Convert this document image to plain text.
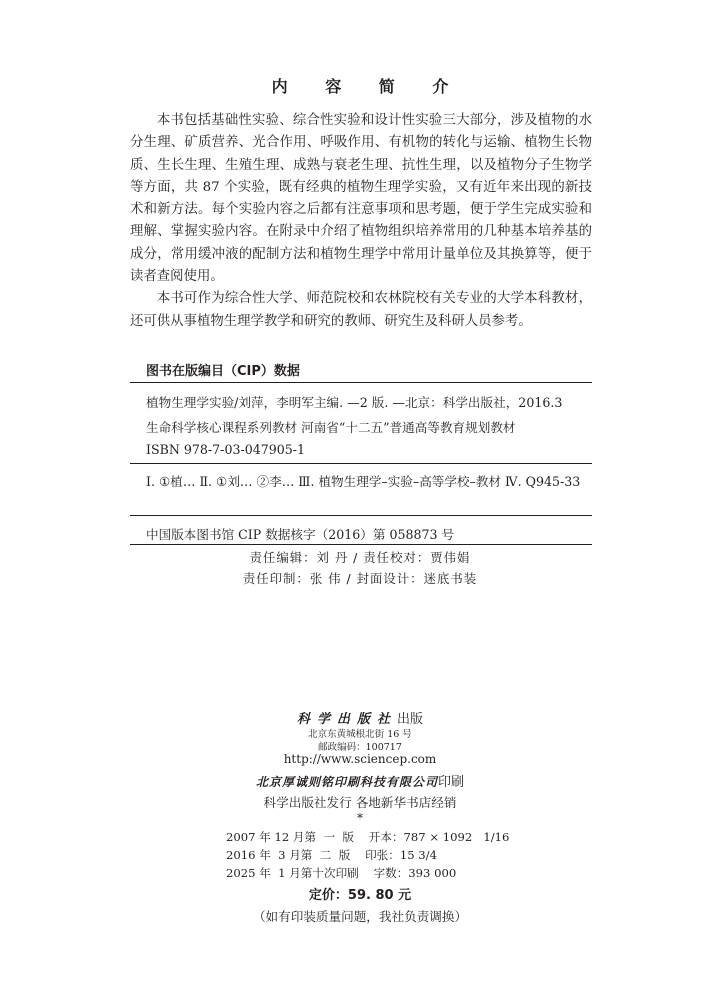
内 容 简 介

本书包括基础性实验、综合性实验和设计性实验三大部分，涉及植物的水分生理、矿质营养、光合作用、呼吸作用、有机物的转化与运输、植物生长物质、生长生理、生殖生理、成熟与衰老生理、抗性生理，以及植物分子生物学等方面，共 87 个实验，既有经典的植物生理学实验，又有近年来出现的新技术和新方法。每个实验内容之后都有注意事项和思考题，便于学生完成实验和理解、掌握实验内容。在附录中介绍了植物组织培养常用的几种基本培养基的成分，常用缓冲液的配制方法和植物生理学中常用计量单位及其换算等，便于读者查阅使用。

本书可作为综合性大学、师范院校和农林院校有关专业的大学本科教材，还可供从事植物生理学教学和研究的教师、研究生及科研人员参考。

图书在版编目（CIP）数据
植物生理学实验/刘萍，李明军主编. —2 版. —北京：科学出版社，2016.3
生命科学核心课程系列教材 河南省“十二五”普通高等教育规划教材
ISBN 978-7-03-047905-1
Ⅰ. ①植… Ⅱ. ①刘… ②李… Ⅲ. 植物生理学–实验–高等学校–教材 Ⅳ. Q945-33
中国版本图书馆 CIP 数据核字（2016）第 058873 号
责任编辑：刘 丹 / 责任校对：贾伟娟
责任印制：张 伟 / 封面设计：迷底书装
科学出版社出版
北京东黄城根北街 16 号
邮政编码：100717
http://www.sciencep.com
北京厚诚则铭印刷科技有限公司印刷
科学出版社发行 各地新华书店经销
*
2007 年 12 月第  一  版    开本：787 × 1092   1/16
2016 年  3 月第  二  版    印张：15 3/4
2025 年  1 月第十次印刷    字数：393 000
定价：59. 80 元
（如有印装质量问题，我社负责调换）
